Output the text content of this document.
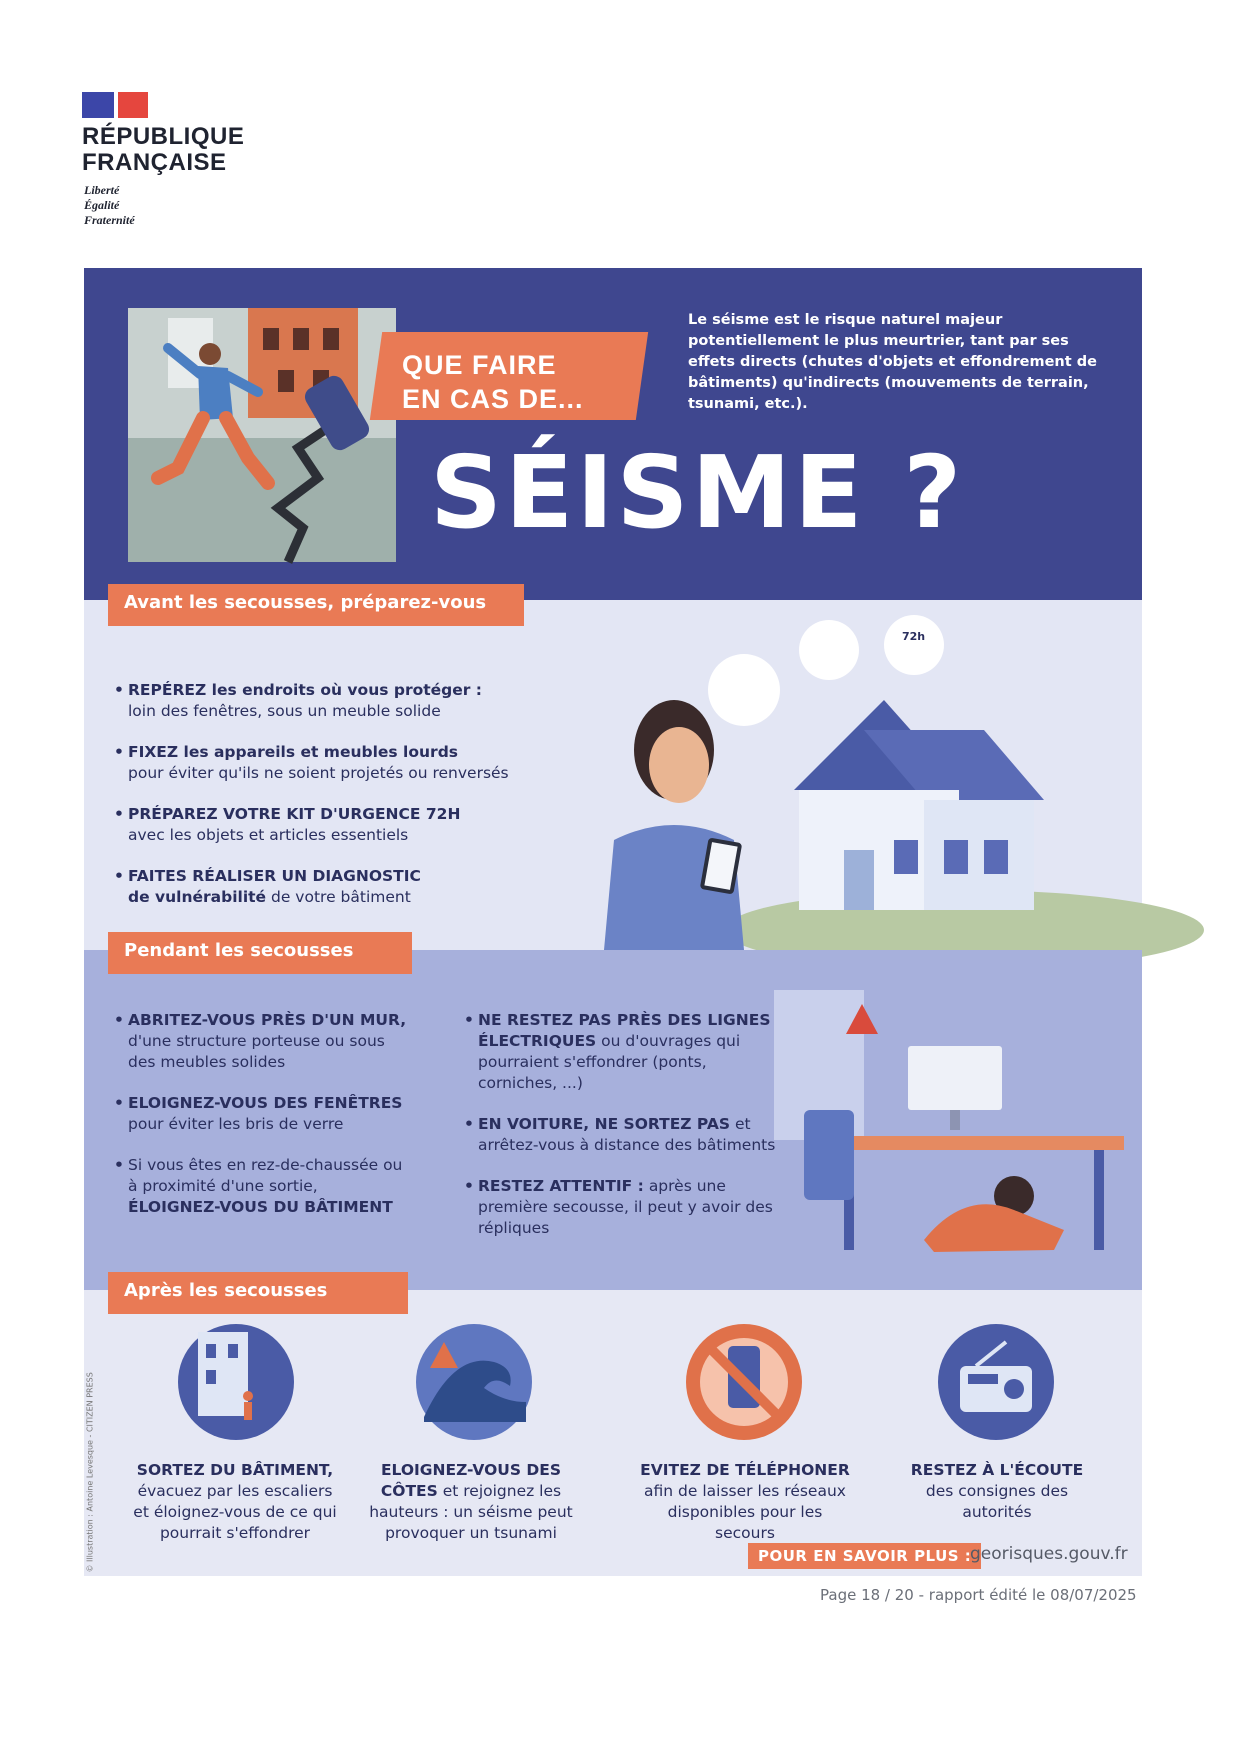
RÉPUBLIQUE
FRANÇAISE
Liberté
Égalité
Fraternité
QUE FAIRE
EN CAS DE...
Le séisme est le risque naturel majeur potentiellement le plus meurtrier, tant par ses effets directs (chutes d'objets et effondrement de bâtiments) qu'indirects (mouvements de terrain, tsunami, etc.).
SÉISME ?
72h
• REPÉREZ les endroits où vous protéger :
loin des fenêtres, sous un meuble solide
• FIXEZ les appareils et meubles lourds
pour éviter qu'ils ne soient projetés ou renversés
• PRÉPAREZ VOTRE KIT D'URGENCE 72H
avec les objets et articles essentiels
• FAITES RÉALISER UN DIAGNOSTIC
de vulnérabilité de votre bâtiment
Avant les secousses, préparez-vous
• ABRITEZ-VOUS PRÈS D'UN MUR,
d'une structure porteuse ou sous des meubles solides
• ELOIGNEZ-VOUS DES FENÊTRES
pour éviter les bris de verre
• Si vous êtes en rez-de-chaussée ou à proximité d'une sortie,
ÉLOIGNEZ-VOUS DU BÂTIMENT
• NE RESTEZ PAS PRÈS DES LIGNES ÉLECTRIQUES ou d'ouvrages qui pourraient s'effondrer (ponts, corniches, ...)
• EN VOITURE, NE SORTEZ PAS et arrêtez-vous à distance des bâtiments
• RESTEZ ATTENTIF : après une première secousse, il peut y avoir des répliques
Pendant les secousses
SORTEZ DU BÂTIMENT,
évacuez par les escaliers et éloignez-vous de ce qui pourrait s'effondrer
ELOIGNEZ-VOUS DES CÔTES et rejoignez les hauteurs : un séisme peut provoquer un tsunami
EVITEZ DE TÉLÉPHONER
afin de laisser les réseaux disponibles pour les secours
RESTEZ À L'ÉCOUTE
des consignes des autorités
Après les secousses
POUR EN SAVOIR PLUS :
georisques.gouv.fr
© Illustration : Antoine Levesque - CITIZEN PRESS
Page 18 / 20 - rapport édité le 08/07/2025
